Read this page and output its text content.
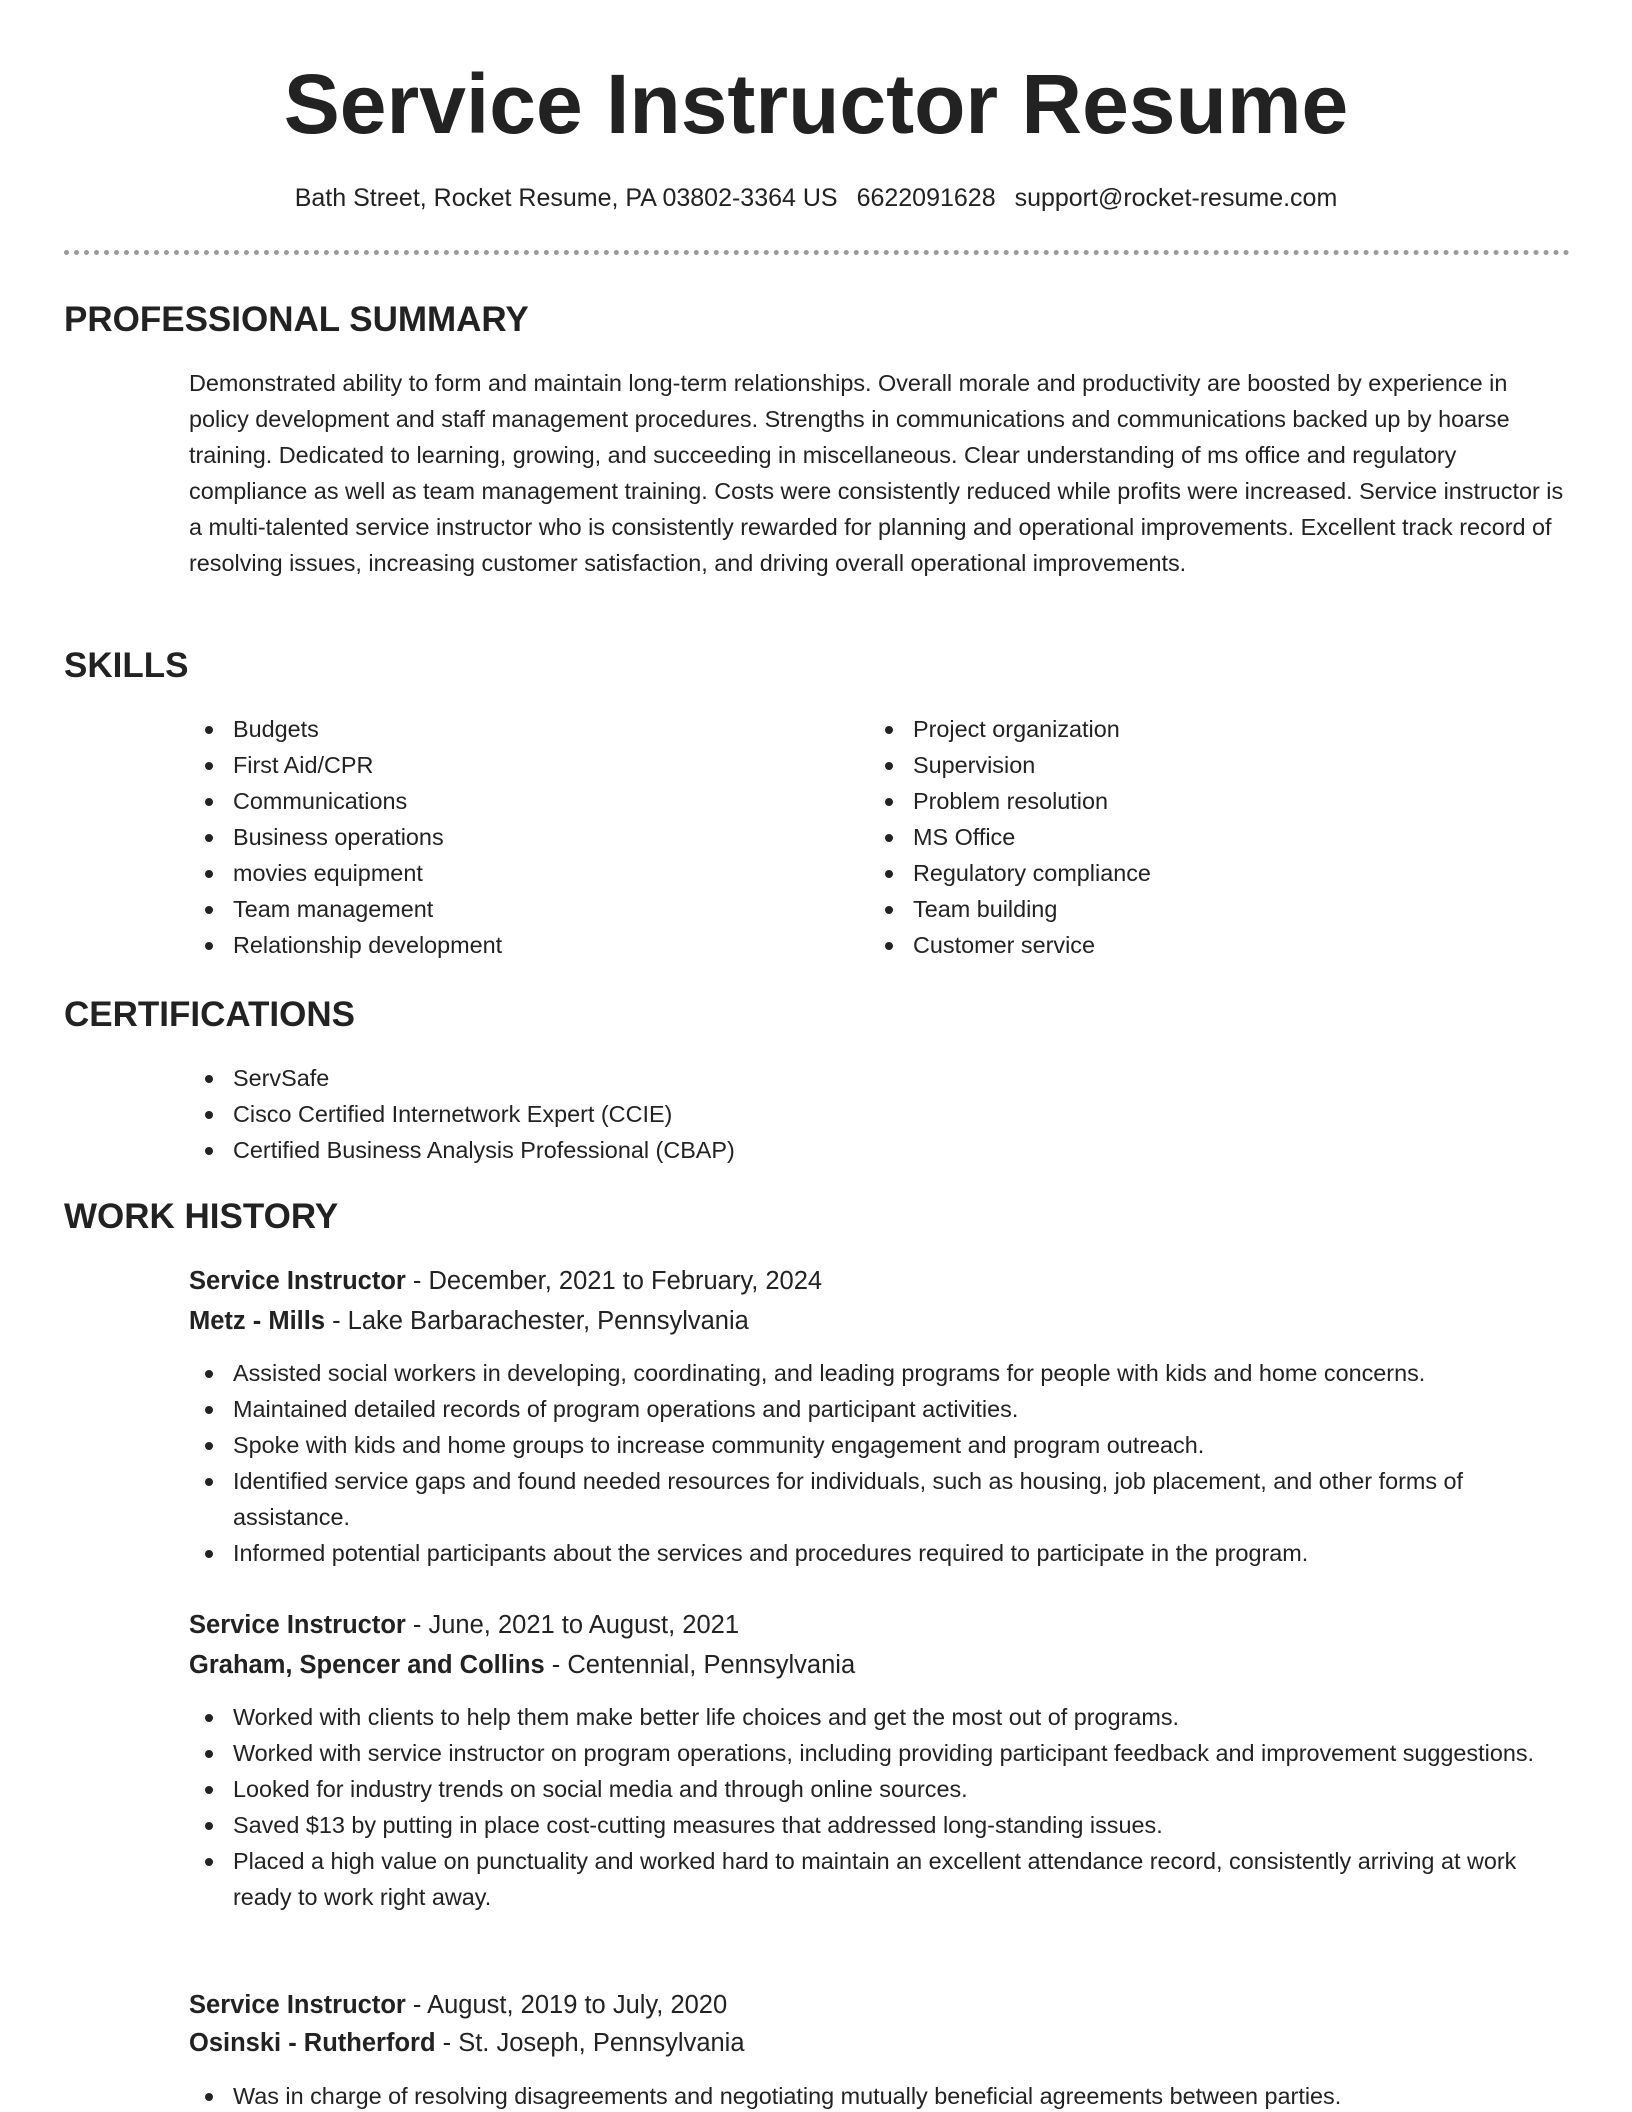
Service Instructor Resume
Bath Street, Rocket Resume, PA 03802-3364 US 6622091628 support@rocket-resume.com
PROFESSIONAL SUMMARY

Demonstrated ability to form and maintain long-term relationships. Overall morale and productivity are boosted by experience in policy development and staff management procedures. Strengths in communications and communications backed up by hoarse training. Dedicated to learning, growing, and succeeding in miscellaneous. Clear understanding of ms office and regulatory compliance as well as team management training. Costs were consistently reduced while profits were increased. Service instructor is a multi-talented service instructor who is consistently rewarded for planning and operational improvements. Excellent track record of resolving issues, increasing customer satisfaction, and driving overall operational improvements.

SKILLS
Budgets
First Aid/CPR
Communications
Business operations
movies equipment
Team management
Relationship development
Project organization
Supervision
Problem resolution
MS Office
Regulatory compliance
Team building
Customer service
CERTIFICATIONS
ServSafe
Cisco Certified Internetwork Expert (CCIE)
Certified Business Analysis Professional (CBAP)
WORK HISTORY
Service Instructor - December, 2021 to February, 2024
Metz - Mills - Lake Barbarachester, Pennsylvania
Assisted social workers in developing, coordinating, and leading programs for people with kids and home concerns.
Maintained detailed records of program operations and participant activities.
Spoke with kids and home groups to increase community engagement and program outreach.
Identified service gaps and found needed resources for individuals, such as housing, job placement, and other forms of assistance.
Informed potential participants about the services and procedures required to participate in the program.
Service Instructor - June, 2021 to August, 2021
Graham, Spencer and Collins - Centennial, Pennsylvania
Worked with clients to help them make better life choices and get the most out of programs.
Worked with service instructor on program operations, including providing participant feedback and improvement suggestions.
Looked for industry trends on social media and through online sources.
Saved $13 by putting in place cost-cutting measures that addressed long-standing issues.
Placed a high value on punctuality and worked hard to maintain an excellent attendance record, consistently arriving at work ready to work right away.
Service Instructor - August, 2019 to July, 2020
Osinski - Rutherford - St. Joseph, Pennsylvania
Was in charge of resolving disagreements and negotiating mutually beneficial agreements between parties.
